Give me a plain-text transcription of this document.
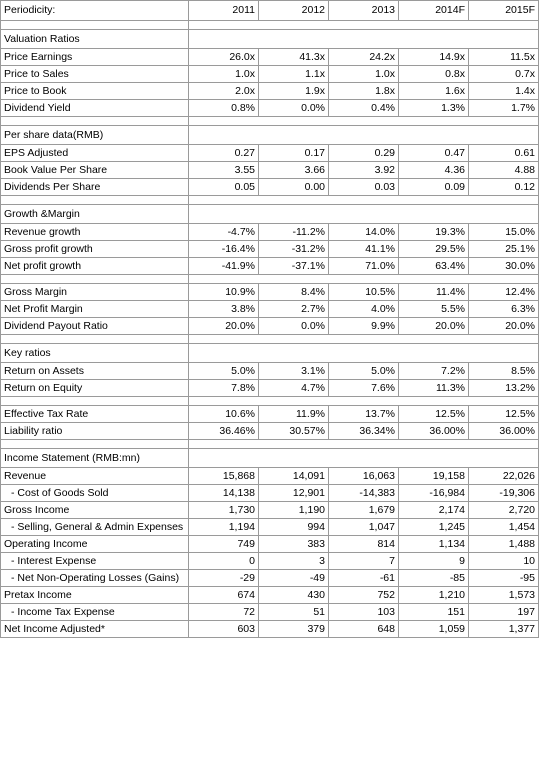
Periodicity:	2011	2012	2013	2014F	2015F

Valuation Ratios					
Price Earnings	26.0x	41.3x	24.2x	14.9x	11.5x
Price to Sales	1.0x	1.1x	1.0x	0.8x	0.7x
Price to Book	2.0x	1.9x	1.8x	1.6x	1.4x
Dividend Yield	0.8%	0.0%	0.4%	1.3%	1.7%

Per share data(RMB)					
EPS Adjusted	0.27	0.17	0.29	0.47	0.61
Book Value Per Share	3.55	3.66	3.92	4.36	4.88
Dividends Per Share	0.05	0.00	0.03	0.09	0.12

Growth &Margin					
Revenue growth	-4.7%	-11.2%	14.0%	19.3%	15.0%
Gross profit growth	-16.4%	-31.2%	41.1%	29.5%	25.1%
Net profit growth	-41.9%	-37.1%	71.0%	63.4%	30.0%

Gross Margin	10.9%	8.4%	10.5%	11.4%	12.4%
Net Profit Margin	3.8%	2.7%	4.0%	5.5%	6.3%
Dividend Payout Ratio	20.0%	0.0%	9.9%	20.0%	20.0%

Key ratios					
Return on Assets	5.0%	3.1%	5.0%	7.2%	8.5%
Return on Equity	7.8%	4.7%	7.6%	11.3%	13.2%

Effective Tax Rate	10.6%	11.9%	13.7%	12.5%	12.5%
Liability ratio	36.46%	30.57%	36.34%	36.00%	36.00%

Income Statement (RMB:mn)					
Revenue	15,868	14,091	16,063	19,158	22,026
- Cost of Goods Sold	14,138	12,901	-14,383	-16,984	-19,306
Gross Income	1,730	1,190	1,679	2,174	2,720
- Selling, General & Admin Expenses	1,194	994	1,047	1,245	1,454
Operating Income	749	383	814	1,134	1,488
- Interest Expense	0	3	7	9	10
- Net Non-Operating Losses (Gains)	-29	-49	-61	-85	-95
Pretax Income	674	430	752	1,210	1,573
- Income Tax Expense	72	51	103	151	197
Net Income Adjusted*	603	379	648	1,059	1,377
